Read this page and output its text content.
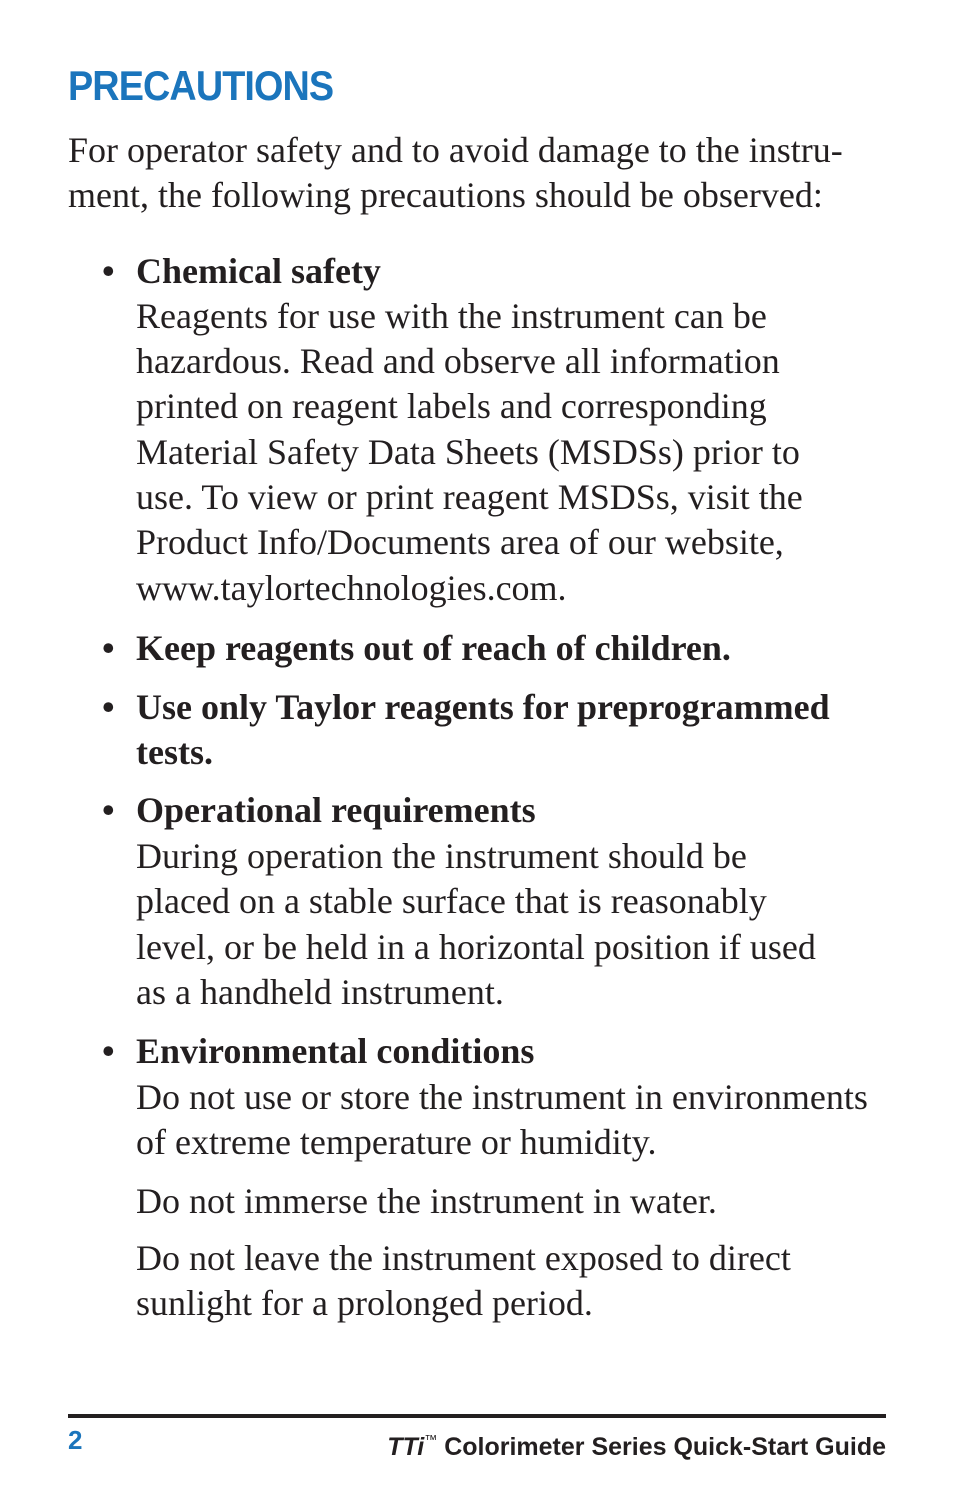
PRECAUTIONS

For operator safety and to avoid damage to the instru-
ment, the following precautions should be observed:

• Chemical safety

Reagents for use with the instrument can be

hazardous. Read and observe all information

printed on reagent labels and corresponding

Material Safety Data Sheets (MSDSs) prior to

use. To view or print reagent MSDSs, visit the

Product Info/Documents area of our website,

www.taylortechnologies.com.

• Keep reagents out of reach of children.

• Use only Taylor reagents for preprogrammed

tests.

• Operational requirements

During operation the instrument should be

placed on a stable surface that is reasonably

level, or be held in a horizontal position if used

as a handheld instrument.

• Environmental conditions

Do not use or store the instrument in environments

of extreme temperature or humidity.

Do not immerse the instrument in water.

Do not leave the instrument exposed to direct

sunlight for a prolonged period.

2	TTi™ Colorimeter Series Quick-Start Guide
